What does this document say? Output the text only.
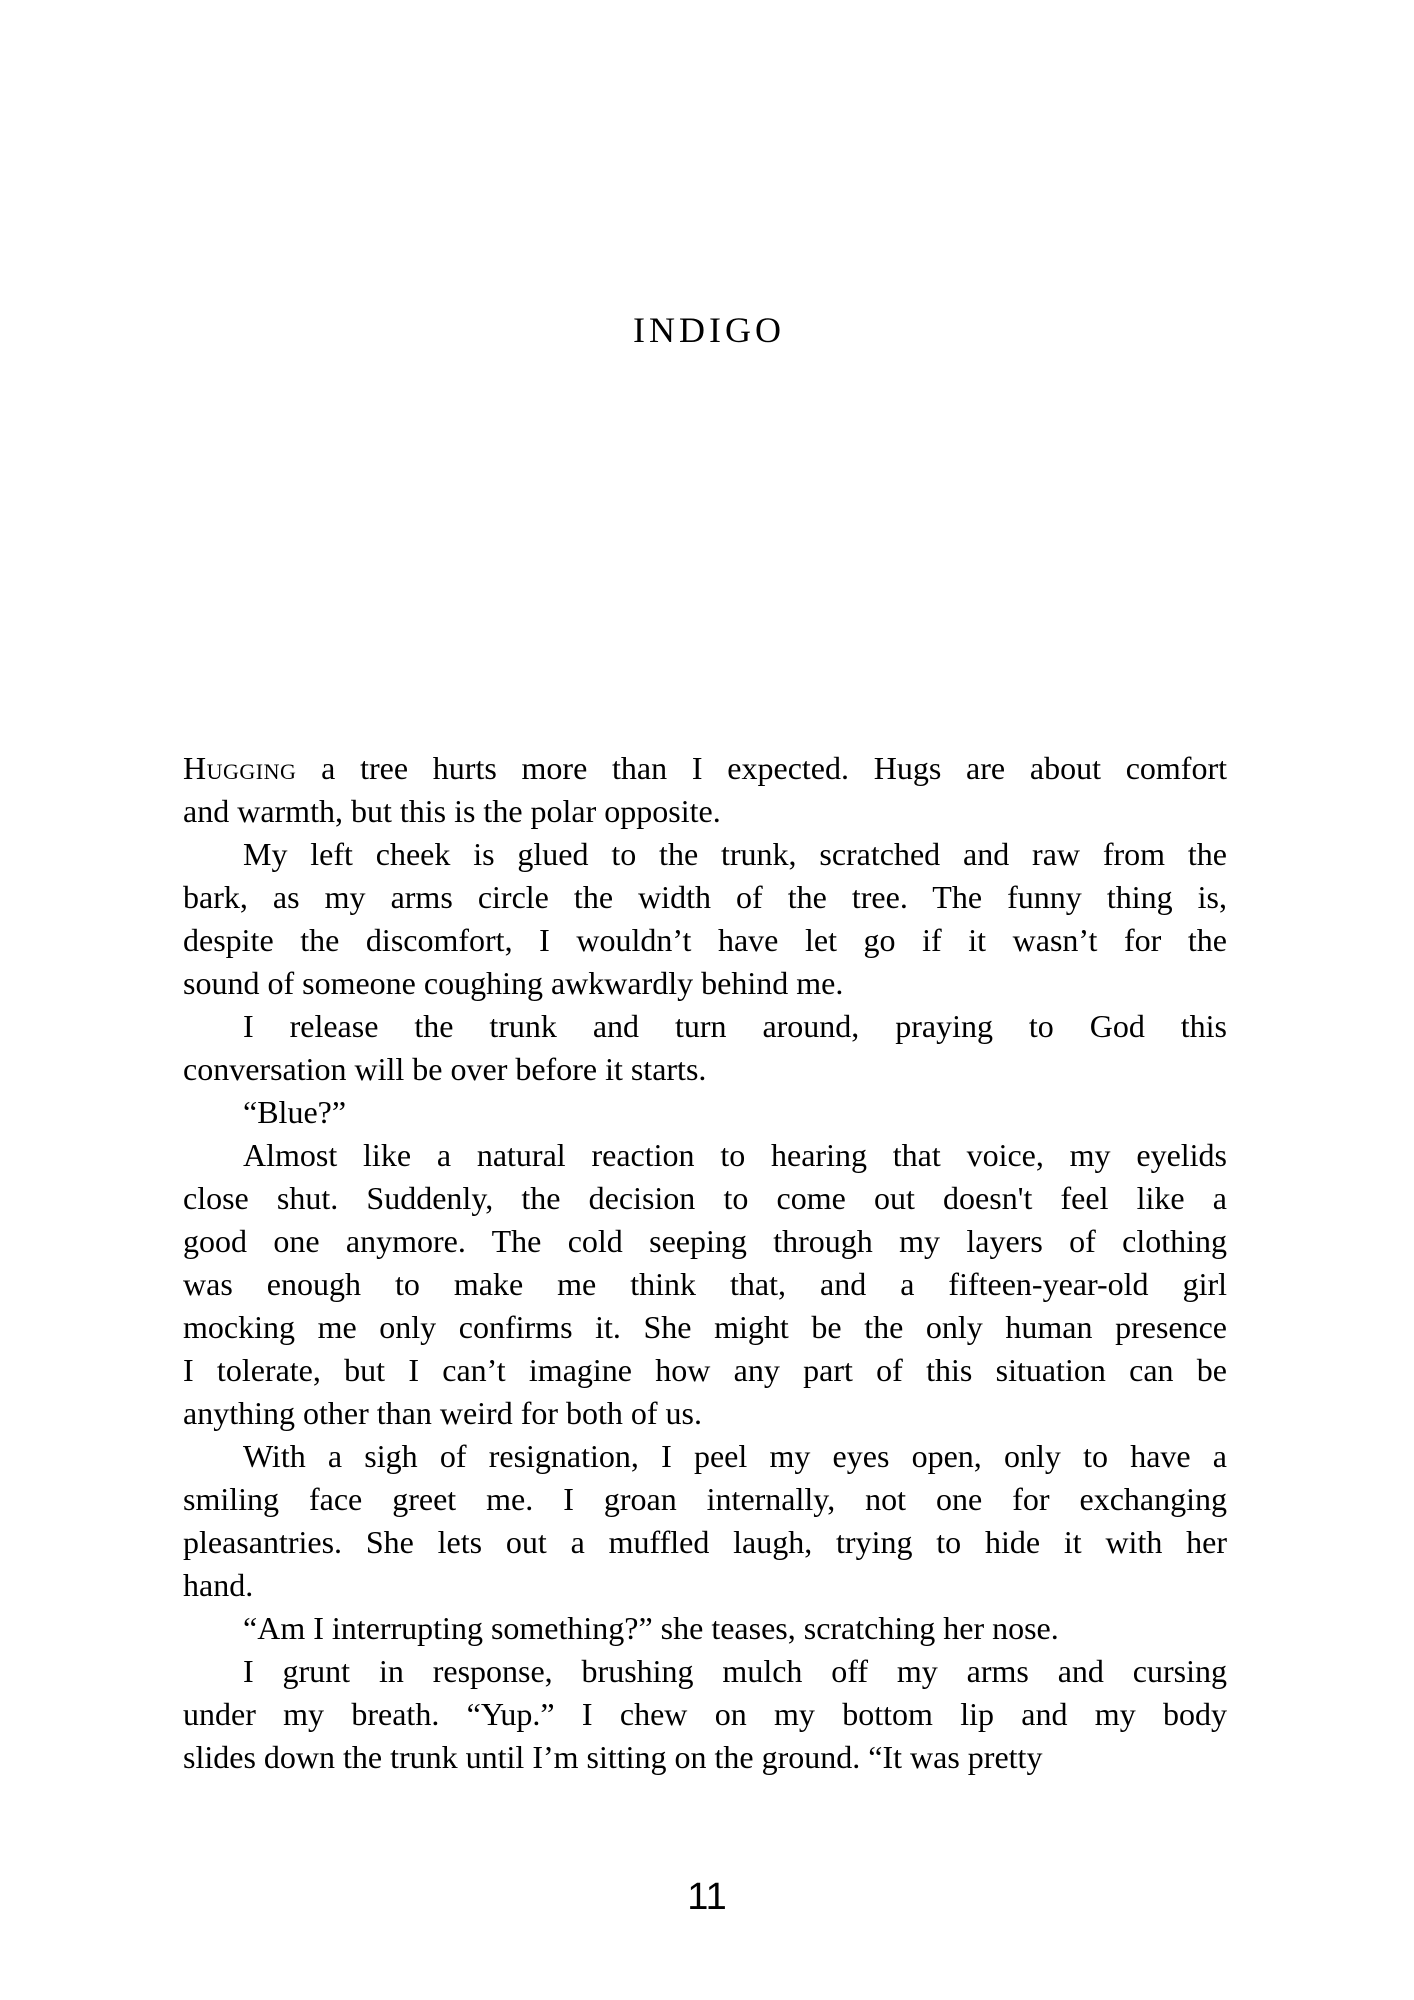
INDIGO
Hugging a tree hurts more than I expected. Hugs are about comfort
and warmth, but this is the polar opposite.
My left cheek is glued to the trunk, scratched and raw from the
bark, as my arms circle the width of the tree. The funny thing is,
despite the discomfort, I wouldn’t have let go if it wasn’t for the
sound of someone coughing awkwardly behind me.
I release the trunk and turn around, praying to God this
conversation will be over before it starts.
“Blue?”
Almost like a natural reaction to hearing that voice, my eyelids
close shut. Suddenly, the decision to come out doesn't feel like a
good one anymore. The cold seeping through my layers of clothing
was enough to make me think that, and a fifteen-year-old girl
mocking me only confirms it. She might be the only human presence
I tolerate, but I can’t imagine how any part of this situation can be
anything other than weird for both of us.
With a sigh of resignation, I peel my eyes open, only to have a
smiling face greet me. I groan internally, not one for exchanging
pleasantries. She lets out a muffled laugh, trying to hide it with her
hand.
“Am I interrupting something?” she teases, scratching her nose.
I grunt in response, brushing mulch off my arms and cursing
under my breath. “Yup.” I chew on my bottom lip and my body
slides down the trunk until I’m sitting on the ground. “It was pretty
11
